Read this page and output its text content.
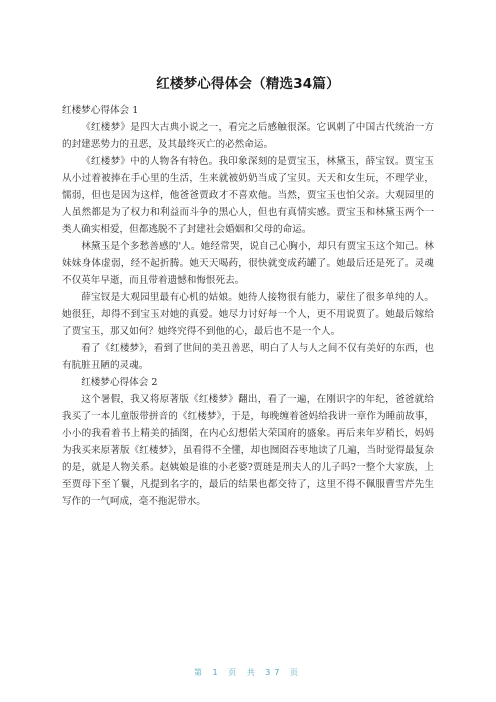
红楼梦心得体会（精选34篇）

红楼梦心得体会 1

《红楼梦》是四大古典小说之一，看完之后感触很深。它讽刺了中国古代统治一方的封建恶势力的丑恶，及其最终灭亡的必然命运。

《红楼梦》中的人物各有特色。我印象深刻的是贾宝玉，林黛玉，薛宝钗。贾宝玉从小过着被捧在手心里的生活，生来就被奶奶当成了宝贝。天天和女生玩，不理学业，懦弱，但也是因为这样，他爸爸贾政才不喜欢他。当然，贾宝玉也怕父亲。大观园里的人虽然都是为了权力和利益而斗争的黑心人，但也有真情实感。贾宝玉和林黛玉两个一类人确实相爱，但都逃脱不了封建社会婚姻和父母的命运。

林黛玉是个多愁善感的'人。她经常哭，说自己心胸小，却只有贾宝玉这个知己。林妹妹身体虚弱，经不起折腾。她天天喝药，很快就变成药罐了。她最后还是死了。灵魂不仅英年早逝，而且带着遗憾和悔恨死去。

薛宝钗是大观园里最有心机的姑娘。她待人接物很有能力，蒙住了很多单纯的人。她很狂，却得不到宝玉对她的真爱。她尽力讨好每一个人，更不用说贾了。她最后嫁给了贾宝玉，那又如何？她终究得不到他的心，最后也不是一个人。

看了《红楼梦》，看到了世间的美丑善恶，明白了人与人之间不仅有美好的东西，也有肮脏丑陋的灵魂。

红楼梦心得体会 2

这个暑假，我又将原著版《红楼梦》翻出，看了一遍，在刚识字的年纪，爸爸就给我买了一本儿童版带拼音的《红楼梦》，于是，每晚缠着爸妈给我讲一章作为睡前故事，小小的我看着书上精美的插图，在内心幻想偌大荣国府的盛象。再后来年岁稍长，妈妈为我买来原著版《红楼梦》，虽看得不全懂，却也囫囵吞枣地读了几遍，当时觉得最复杂的是，就是人物关系。赵姨娘是谁的小老婆?贾琏是刑夫人的儿子吗?一整个大家族，上至贾母下至丫鬟，凡提到名字的，最后的结果也都交待了，这里不得不佩服曹雪芹先生写作的一气呵成，毫不拖泥带水。

第 1 页 共 37 页
